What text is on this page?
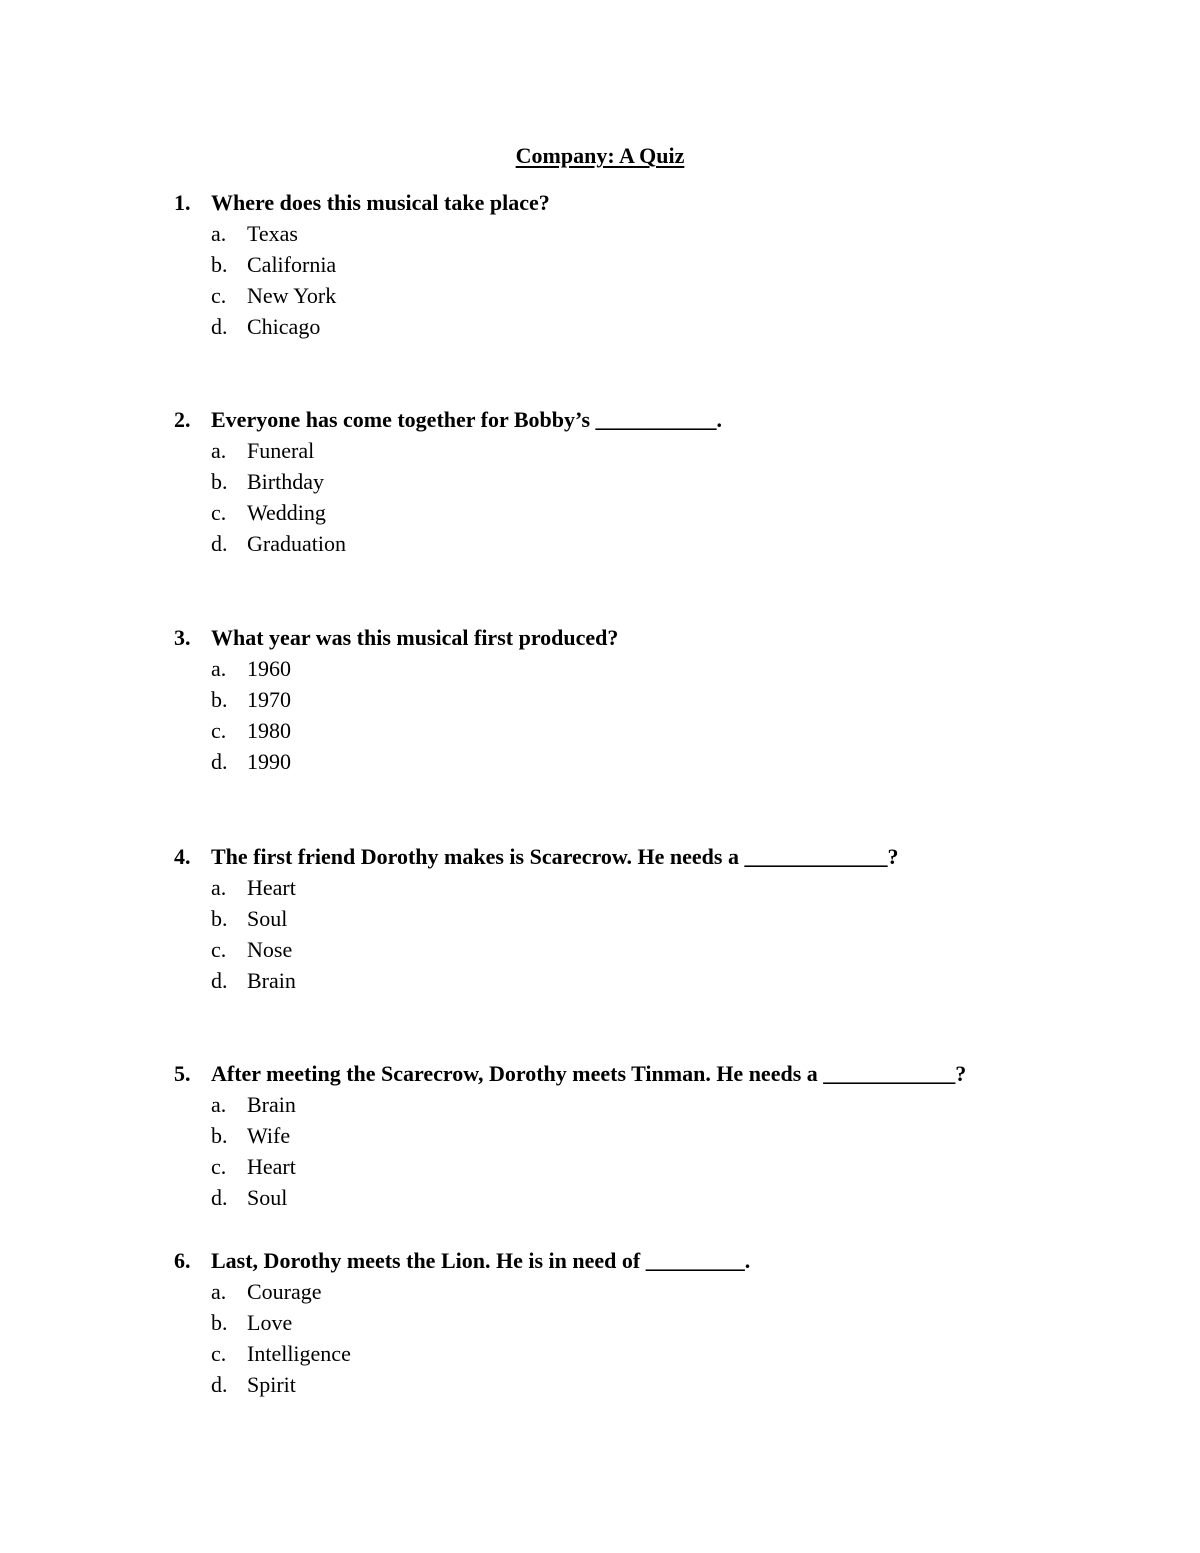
Company: A Quiz
1. Where does this musical take place?
a. Texas
b. California
c. New York
d. Chicago
2. Everyone has come together for Bobby’s ___________.
a. Funeral
b. Birthday
c. Wedding
d. Graduation
3. What year was this musical first produced?
a. 1960
b. 1970
c. 1980
d. 1990
4. The first friend Dorothy makes is Scarecrow. He needs a _____________?
a. Heart
b. Soul
c. Nose
d. Brain
5. After meeting the Scarecrow, Dorothy meets Tinman. He needs a ____________?
a. Brain
b. Wife
c. Heart
d. Soul
6. Last, Dorothy meets the Lion. He is in need of _________.
a. Courage
b. Love
c. Intelligence
d. Spirit
